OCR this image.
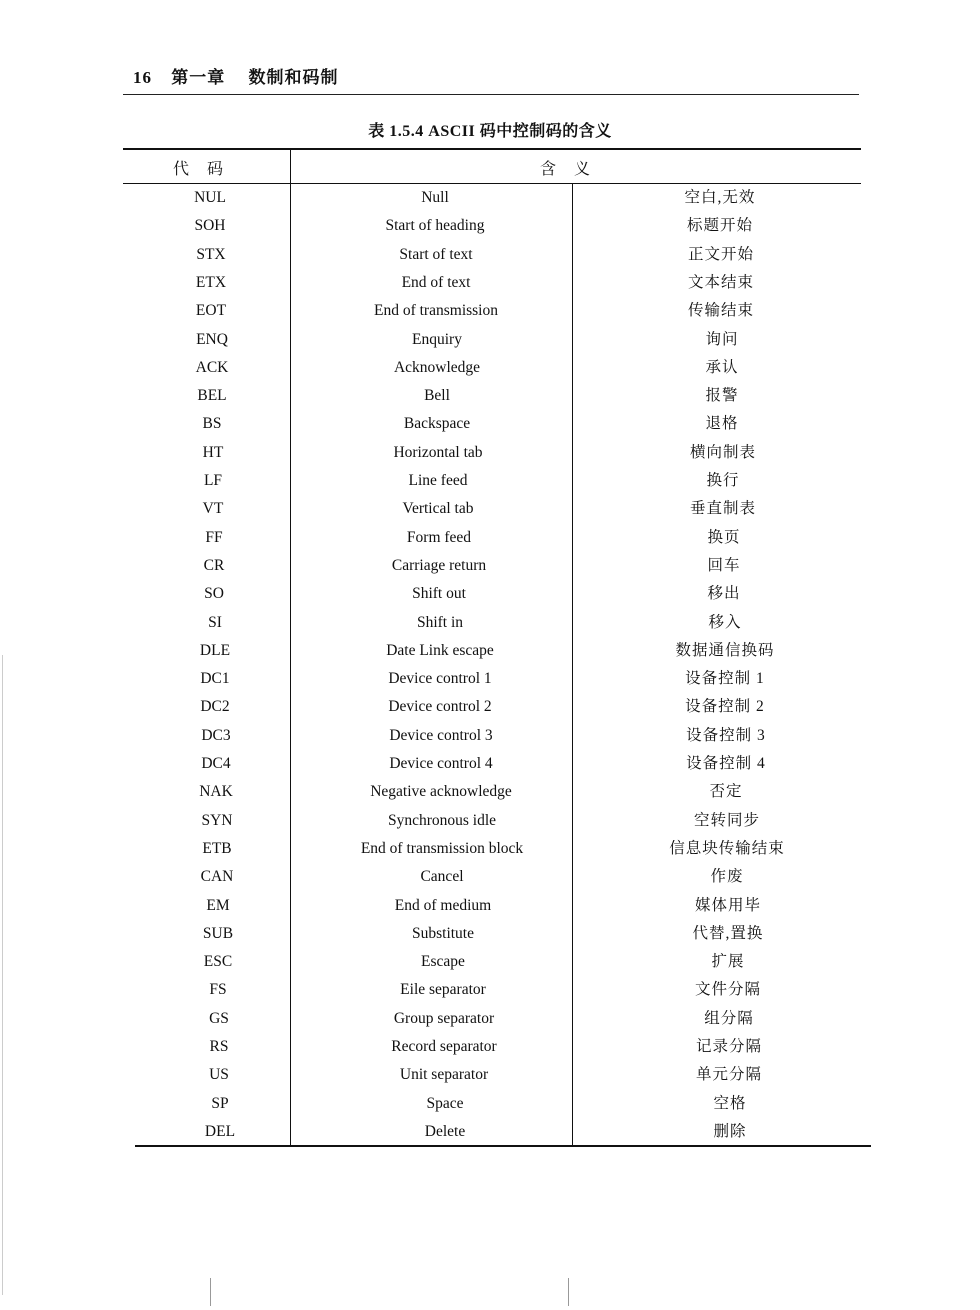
16 第一章 数制和码制
表 1.5.4 ASCII 码中控制码的含义
代码	含义
NUL	Null	空白,无效
SOH	Start of heading	标题开始
STX	Start of text	正文开始
ETX	End of text	文本结束
EOT	End of transmission	传输结束
ENQ	Enquiry	询问
ACK	Acknowledge	承认
BEL	Bell	报警
BS	Backspace	退格
HT	Horizontal tab	横向制表
LF	Line feed	换行
VT	Vertical tab	垂直制表
FF	Form feed	换页
CR	Carriage return	回车
SO	Shift out	移出
SI	Shift in	移入
DLE	Date Link escape	数据通信换码
DC1	Device control 1	设备控制 1
DC2	Device control 2	设备控制 2
DC3	Device control 3	设备控制 3
DC4	Device control 4	设备控制 4
NAK	Negative acknowledge	否定
SYN	Synchronous idle	空转同步
ETB	End of transmission block	信息块传输结束
CAN	Cancel	作废
EM	End of medium	媒体用毕
SUB	Substitute	代替,置换
ESC	Escape	扩展
FS	Eile separator	文件分隔
GS	Group separator	组分隔
RS	Record separator	记录分隔
US	Unit separator	单元分隔
SP	Space	空格
DEL	Delete	删除
